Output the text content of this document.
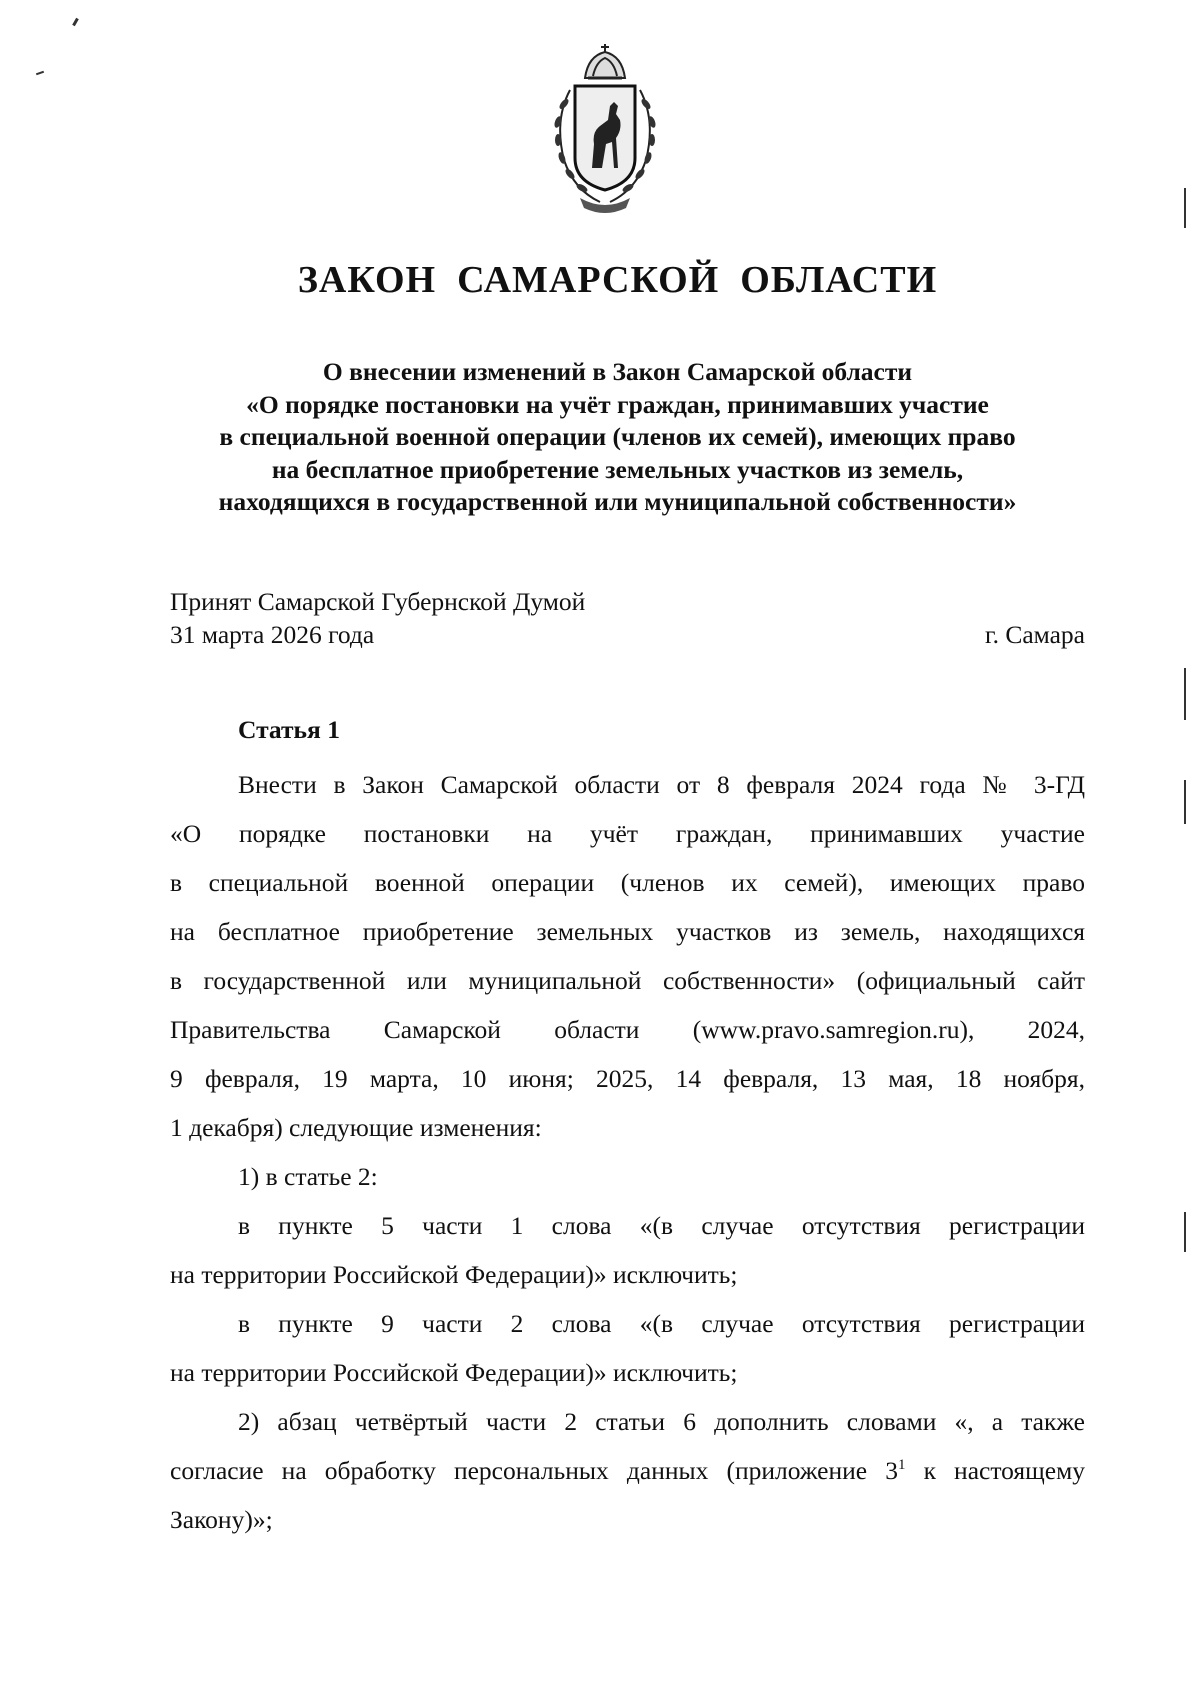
ЗАКОН  САМАРСКОЙ  ОБЛАСТИ
О внесении изменений в Закон Самарской области
«О порядке постановки на учёт граждан, принимавших участие
в специальной военной операции (членов их семей), имеющих право
на бесплатное приобретение земельных участков из земель,
находящихся в государственной или муниципальной собственности»
Принят Самарской Губернской Думой
31 марта 2026 года	г. Самара
Статья 1
Внести в Закон Самарской области от 8 февраля 2024 года № 3-ГД
«О порядке постановки на учёт граждан, принимавших участие
в специальной военной операции (членов их семей), имеющих право
на бесплатное приобретение земельных участков из земель, находящихся
в государственной или муниципальной собственности» (официальный сайт
Правительства Самарской области (www.pravo.samregion.ru), 2024,
9 февраля, 19 марта, 10 июня; 2025, 14 февраля, 13 мая, 18 ноября,
1 декабря) следующие изменения:
1) в статье 2:
в пункте 5 части 1 слова «(в случае отсутствия регистрации
на территории Российской Федерации)» исключить;
в пункте 9 части 2 слова «(в случае отсутствия регистрации
на территории Российской Федерации)» исключить;
2) абзац четвёртый части 2 статьи 6 дополнить словами «, а также
согласие на обработку персональных данных (приложение $3^1$ к настоящему
Закону)»;
